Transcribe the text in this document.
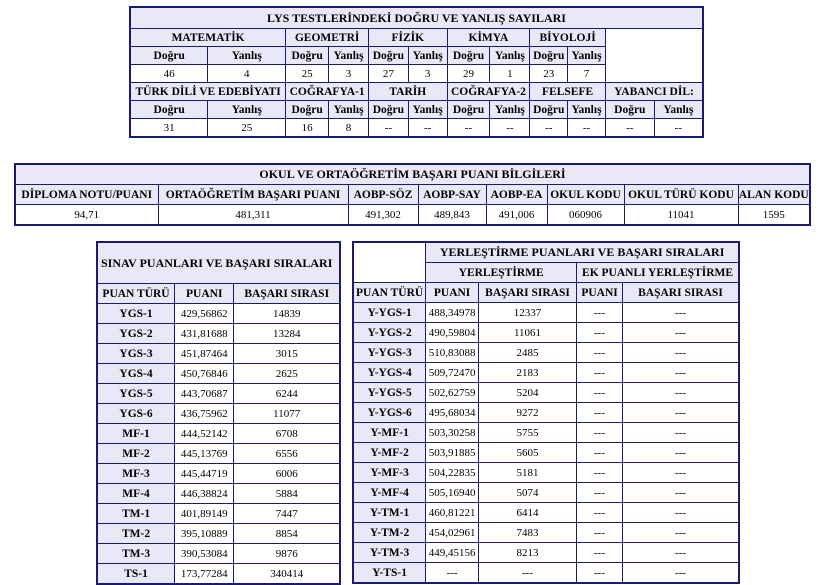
LYS TESTLERİNDEKİ DOĞRU VE YANLIŞ SAYILARI											
MATEMATİK		GEOMETRİ		FİZİK		KİMYA		BİYOLOJİ			
Doğru	Yanlış	Doğru	Yanlış	Doğru	Yanlış	Doğru	Yanlış	Doğru	Yanlış		
46	4	25	3	27	3	29	1	23	7		
TÜRK DİLİ VE EDEBİYATI		COĞRAFYA-1		TARİH		COĞRAFYA-2		FELSEFE		YABANCI DİL:	
Doğru	Yanlış	Doğru	Yanlış	Doğru	Yanlış	Doğru	Yanlış	Doğru	Yanlış	Doğru	Yanlış
31	25	16	8	--	--	--	--	--	--	--	--
OKUL VE ORTAÖĞRETİM BAŞARI PUANI BİLGİLERİ							
DİPLOMA NOTU/PUANI	ORTAÖĞRETİM BAŞARI PUANI	AOBP-SÖZ	AOBP-SAY	AOBP-EA	OKUL KODU	OKUL TÜRÜ KODU	ALAN KODU
94,71	481,311	491,302	489,843	491,006	060906	11041	1595
SINAV PUANLARI VE BAŞARI SIRALARI		
PUAN TÜRÜ	PUANI	BAŞARI SIRASI
YGS-1	429,56862	14839
YGS-2	431,81688	13284
YGS-3	451,87464	3015
YGS-4	450,76846	2625
YGS-5	443,70687	6244
YGS-6	436,75962	11077
MF-1	444,52142	6708
MF-2	445,13769	6556
MF-3	445,44719	6006
MF-4	446,38824	5884
TM-1	401,89149	7447
TM-2	395,10889	8854
TM-3	390,53084	9876
TS-1	173,77284	340414
	YERLEŞTİRME PUANLARI VE BAŞARI SIRALARI			
	YERLEŞTİRME		EK PUANLI YERLEŞTİRME	
PUAN TÜRÜ	PUANI	BAŞARI SIRASI	PUANI	BAŞARI SIRASI
Y-YGS-1	488,34978	12337	---	---
Y-YGS-2	490,59804	11061	---	---
Y-YGS-3	510,83088	2485	---	---
Y-YGS-4	509,72470	2183	---	---
Y-YGS-5	502,62759	5204	---	---
Y-YGS-6	495,68034	9272	---	---
Y-MF-1	503,30258	5755	---	---
Y-MF-2	503,91885	5605	---	---
Y-MF-3	504,22835	5181	---	---
Y-MF-4	505,16940	5074	---	---
Y-TM-1	460,81221	6414	---	---
Y-TM-2	454,02961	7483	---	---
Y-TM-3	449,45156	8213	---	---
Y-TS-1	---	---	---	---
